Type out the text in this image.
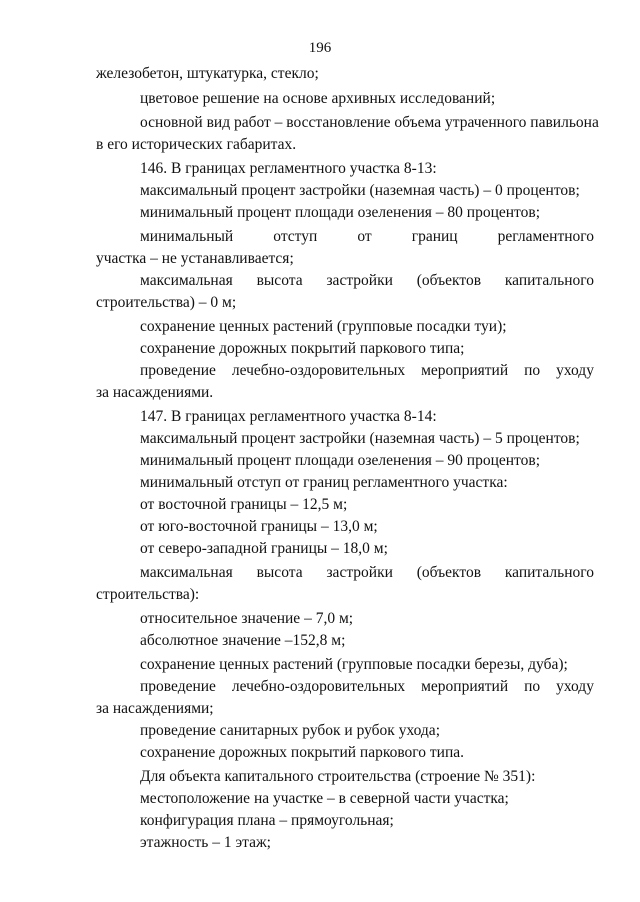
196
железобетон, штукатурка, стекло;
цветовое решение на основе архивных исследований;
основной вид работ – восстановление объема утраченного павильона
в его исторических габаритах.
146. В границах регламентного участка 8-13:
максимальный процент застройки (наземная часть) – 0 процентов;
минимальный процент площади озеленения – 80 процентов;
минимальный	отступ	от	границ	регламентного
участка – не устанавливается;
максимальная высота застройки (объектов капитального
строительства) – 0 м;
сохранение ценных растений (групповые посадки туи);
сохранение дорожных покрытий паркового типа;
проведение лечебно-оздоровительных мероприятий по уходу
за насаждениями.
147. В границах регламентного участка 8-14:
максимальный процент застройки (наземная часть) – 5 процентов;
минимальный процент площади озеленения – 90 процентов;
минимальный отступ от границ регламентного участка:
от восточной границы – 12,5 м;
от юго-восточной границы – 13,0 м;
от северо-западной границы – 18,0 м;
максимальная высота застройки (объектов капитального
строительства):
относительное значение – 7,0 м;
абсолютное значение –152,8 м;
сохранение ценных растений (групповые посадки березы, дуба);
проведение лечебно-оздоровительных мероприятий по уходу
за насаждениями;
проведение санитарных рубок и рубок ухода;
сохранение дорожных покрытий паркового типа.
Для объекта капитального строительства (строение № 351):
местоположение на участке – в северной части участка;
конфигурация плана – прямоугольная;
этажность – 1 этаж;
